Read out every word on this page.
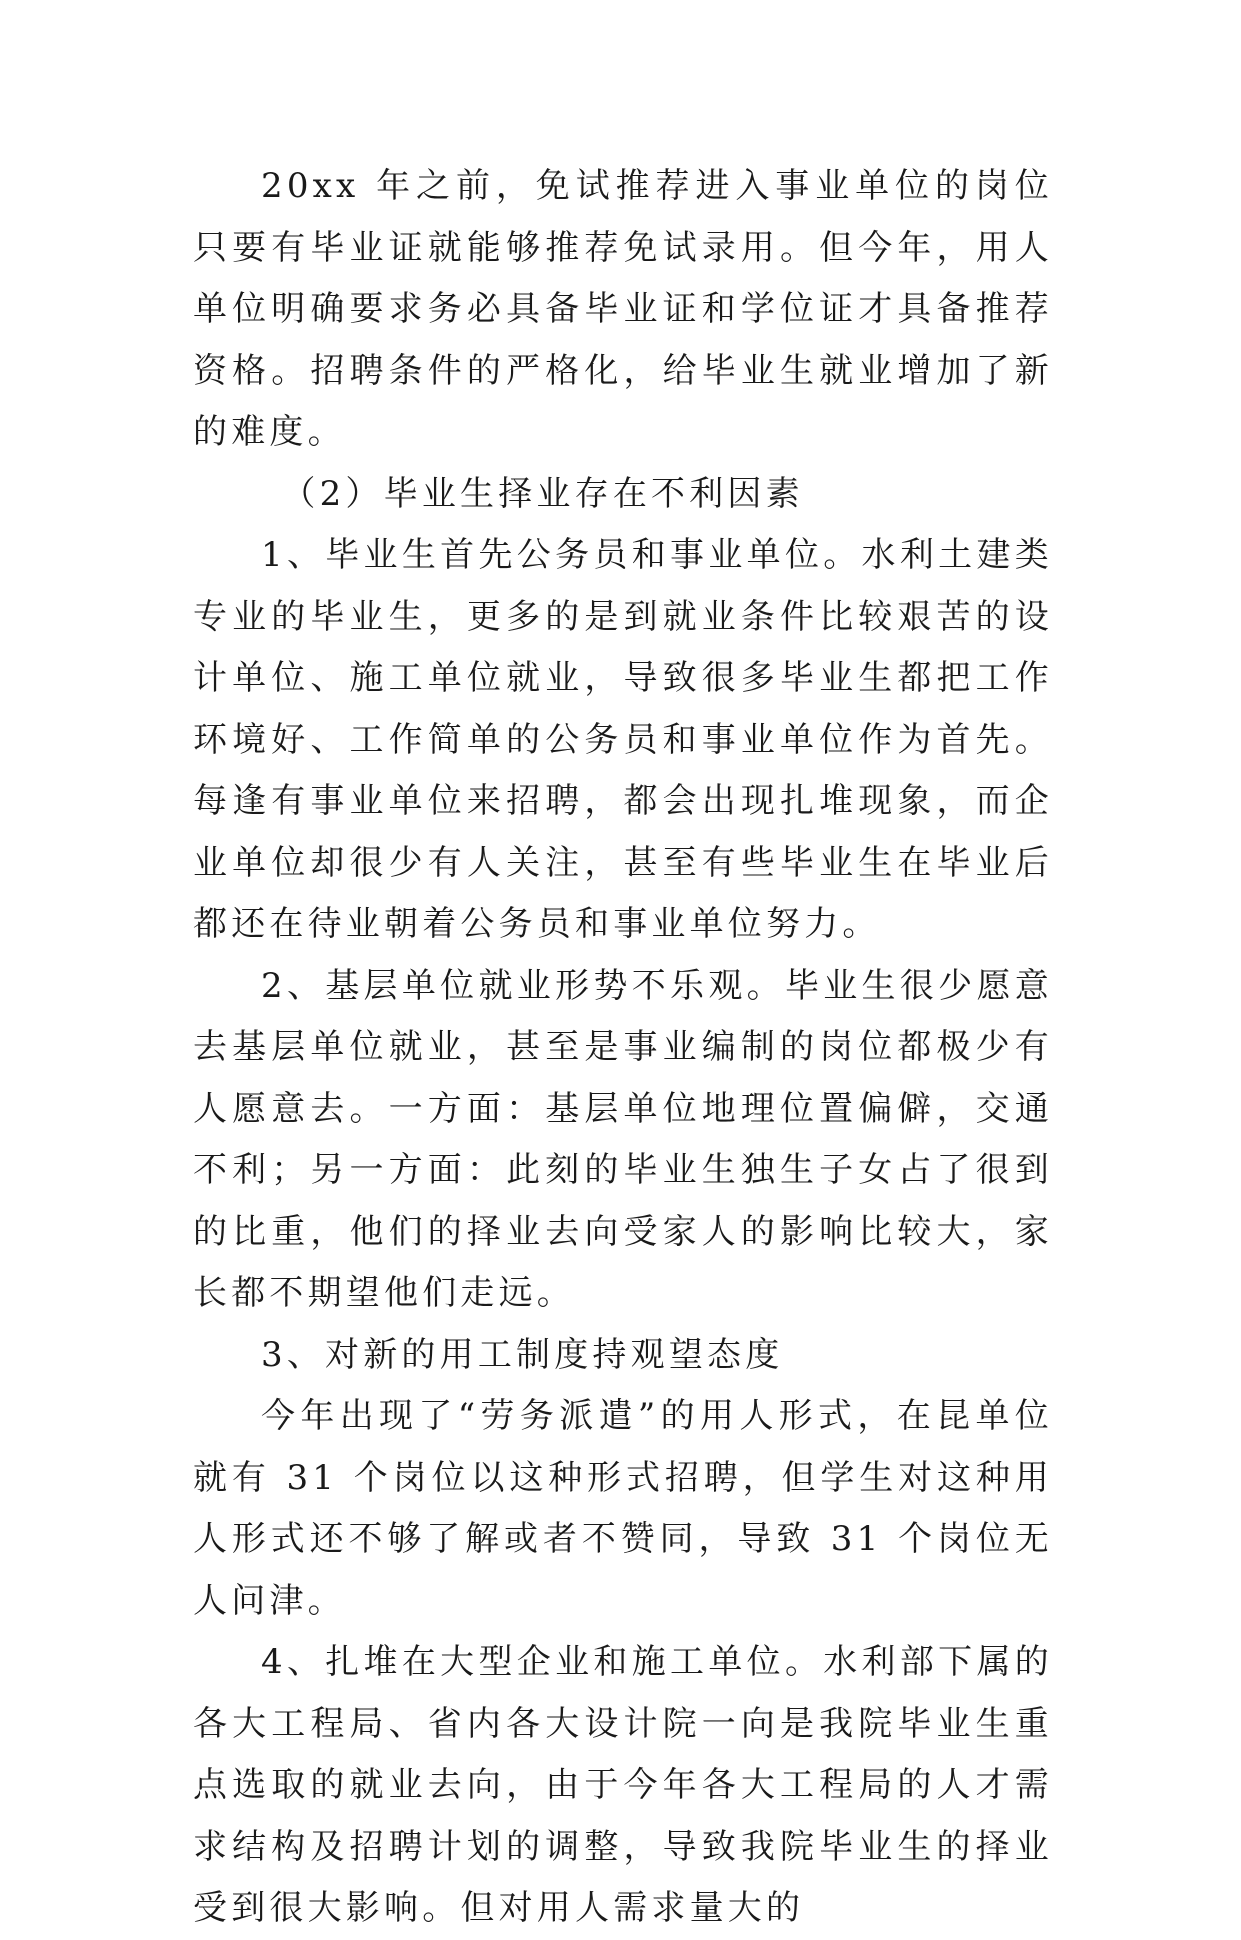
20xx 年之前，免试推荐进入事业单位的岗位只要有毕业证就能够推荐免试录用。但今年，用人单位明确要求务必具备毕业证和学位证才具备推荐资格。招聘条件的严格化，给毕业生就业增加了新的难度。

（2）毕业生择业存在不利因素

1、毕业生首先公务员和事业单位。水利土建类专业的毕业生，更多的是到就业条件比较艰苦的设计单位、施工单位就业，导致很多毕业生都把工作环境好、工作简单的公务员和事业单位作为首先。每逢有事业单位来招聘，都会出现扎堆现象，而企业单位却很少有人关注，甚至有些毕业生在毕业后都还在待业朝着公务员和事业单位努力。

2、基层单位就业形势不乐观。毕业生很少愿意去基层单位就业，甚至是事业编制的岗位都极少有人愿意去。一方面：基层单位地理位置偏僻，交通不利；另一方面：此刻的毕业生独生子女占了很到的比重，他们的择业去向受家人的影响比较大，家长都不期望他们走远。

3、对新的用工制度持观望态度

今年出现了“劳务派遣”的用人形式，在昆单位就有 31 个岗位以这种形式招聘，但学生对这种用人形式还不够了解或者不赞同，导致 31 个岗位无人问津。

4、扎堆在大型企业和施工单位。水利部下属的各大工程局、省内各大设计院一向是我院毕业生重点选取的就业去向，由于今年各大工程局的人才需求结构及招聘计划的调整，导致我院毕业生的择业受到很大影响。但对用人需求量大的
